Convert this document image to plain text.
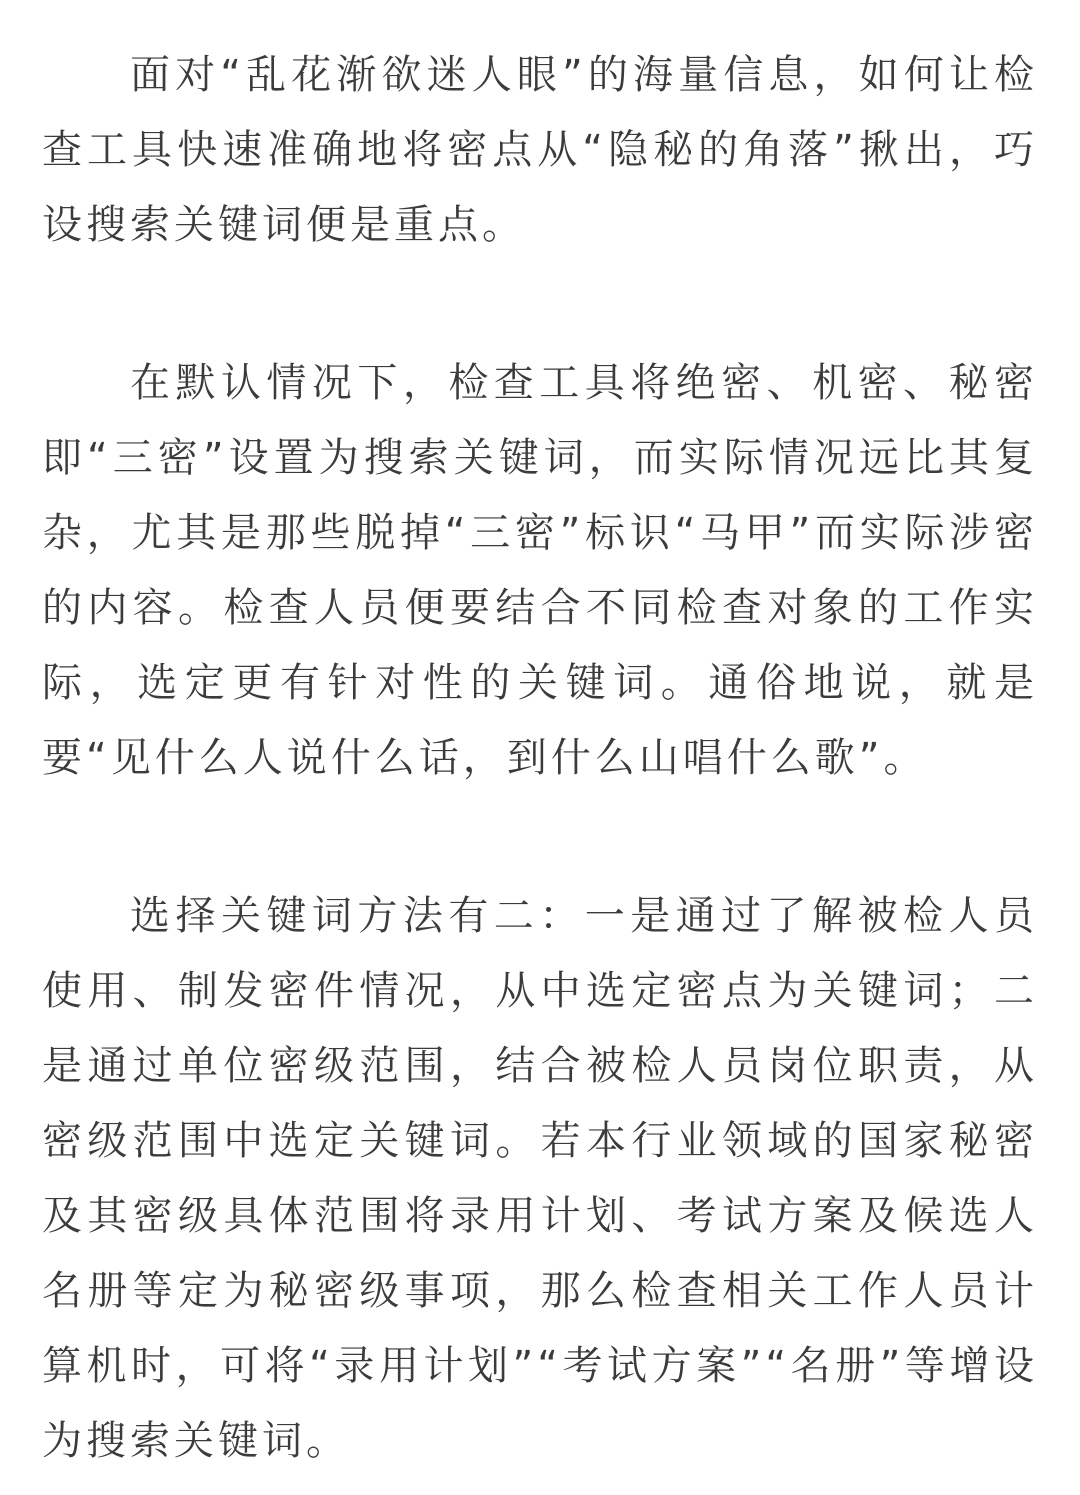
面对“乱花渐欲迷人眼”的海量信息，如何让检查工具快速准确地将密点从“隐秘的角落”揪出，巧设搜索关键词便是重点。

在默认情况下，检查工具将绝密、机密、秘密即“三密”设置为搜索关键词，而实际情况远比其复杂，尤其是那些脱掉“三密”标识“马甲”而实际涉密的内容。检查人员便要结合不同检查对象的工作实际，选定更有针对性的关键词。通俗地说，就是要“见什么人说什么话，到什么山唱什么歌”。

选择关键词方法有二：一是通过了解被检人员使用、制发密件情况，从中选定密点为关键词；二是通过单位密级范围，结合被检人员岗位职责，从密级范围中选定关键词。若本行业领域的国家秘密及其密级具体范围将录用计划、考试方案及候选人名册等定为秘密级事项，那么检查相关工作人员计算机时，可将“录用计划”“考试方案”“名册”等增设为搜索关键词。
